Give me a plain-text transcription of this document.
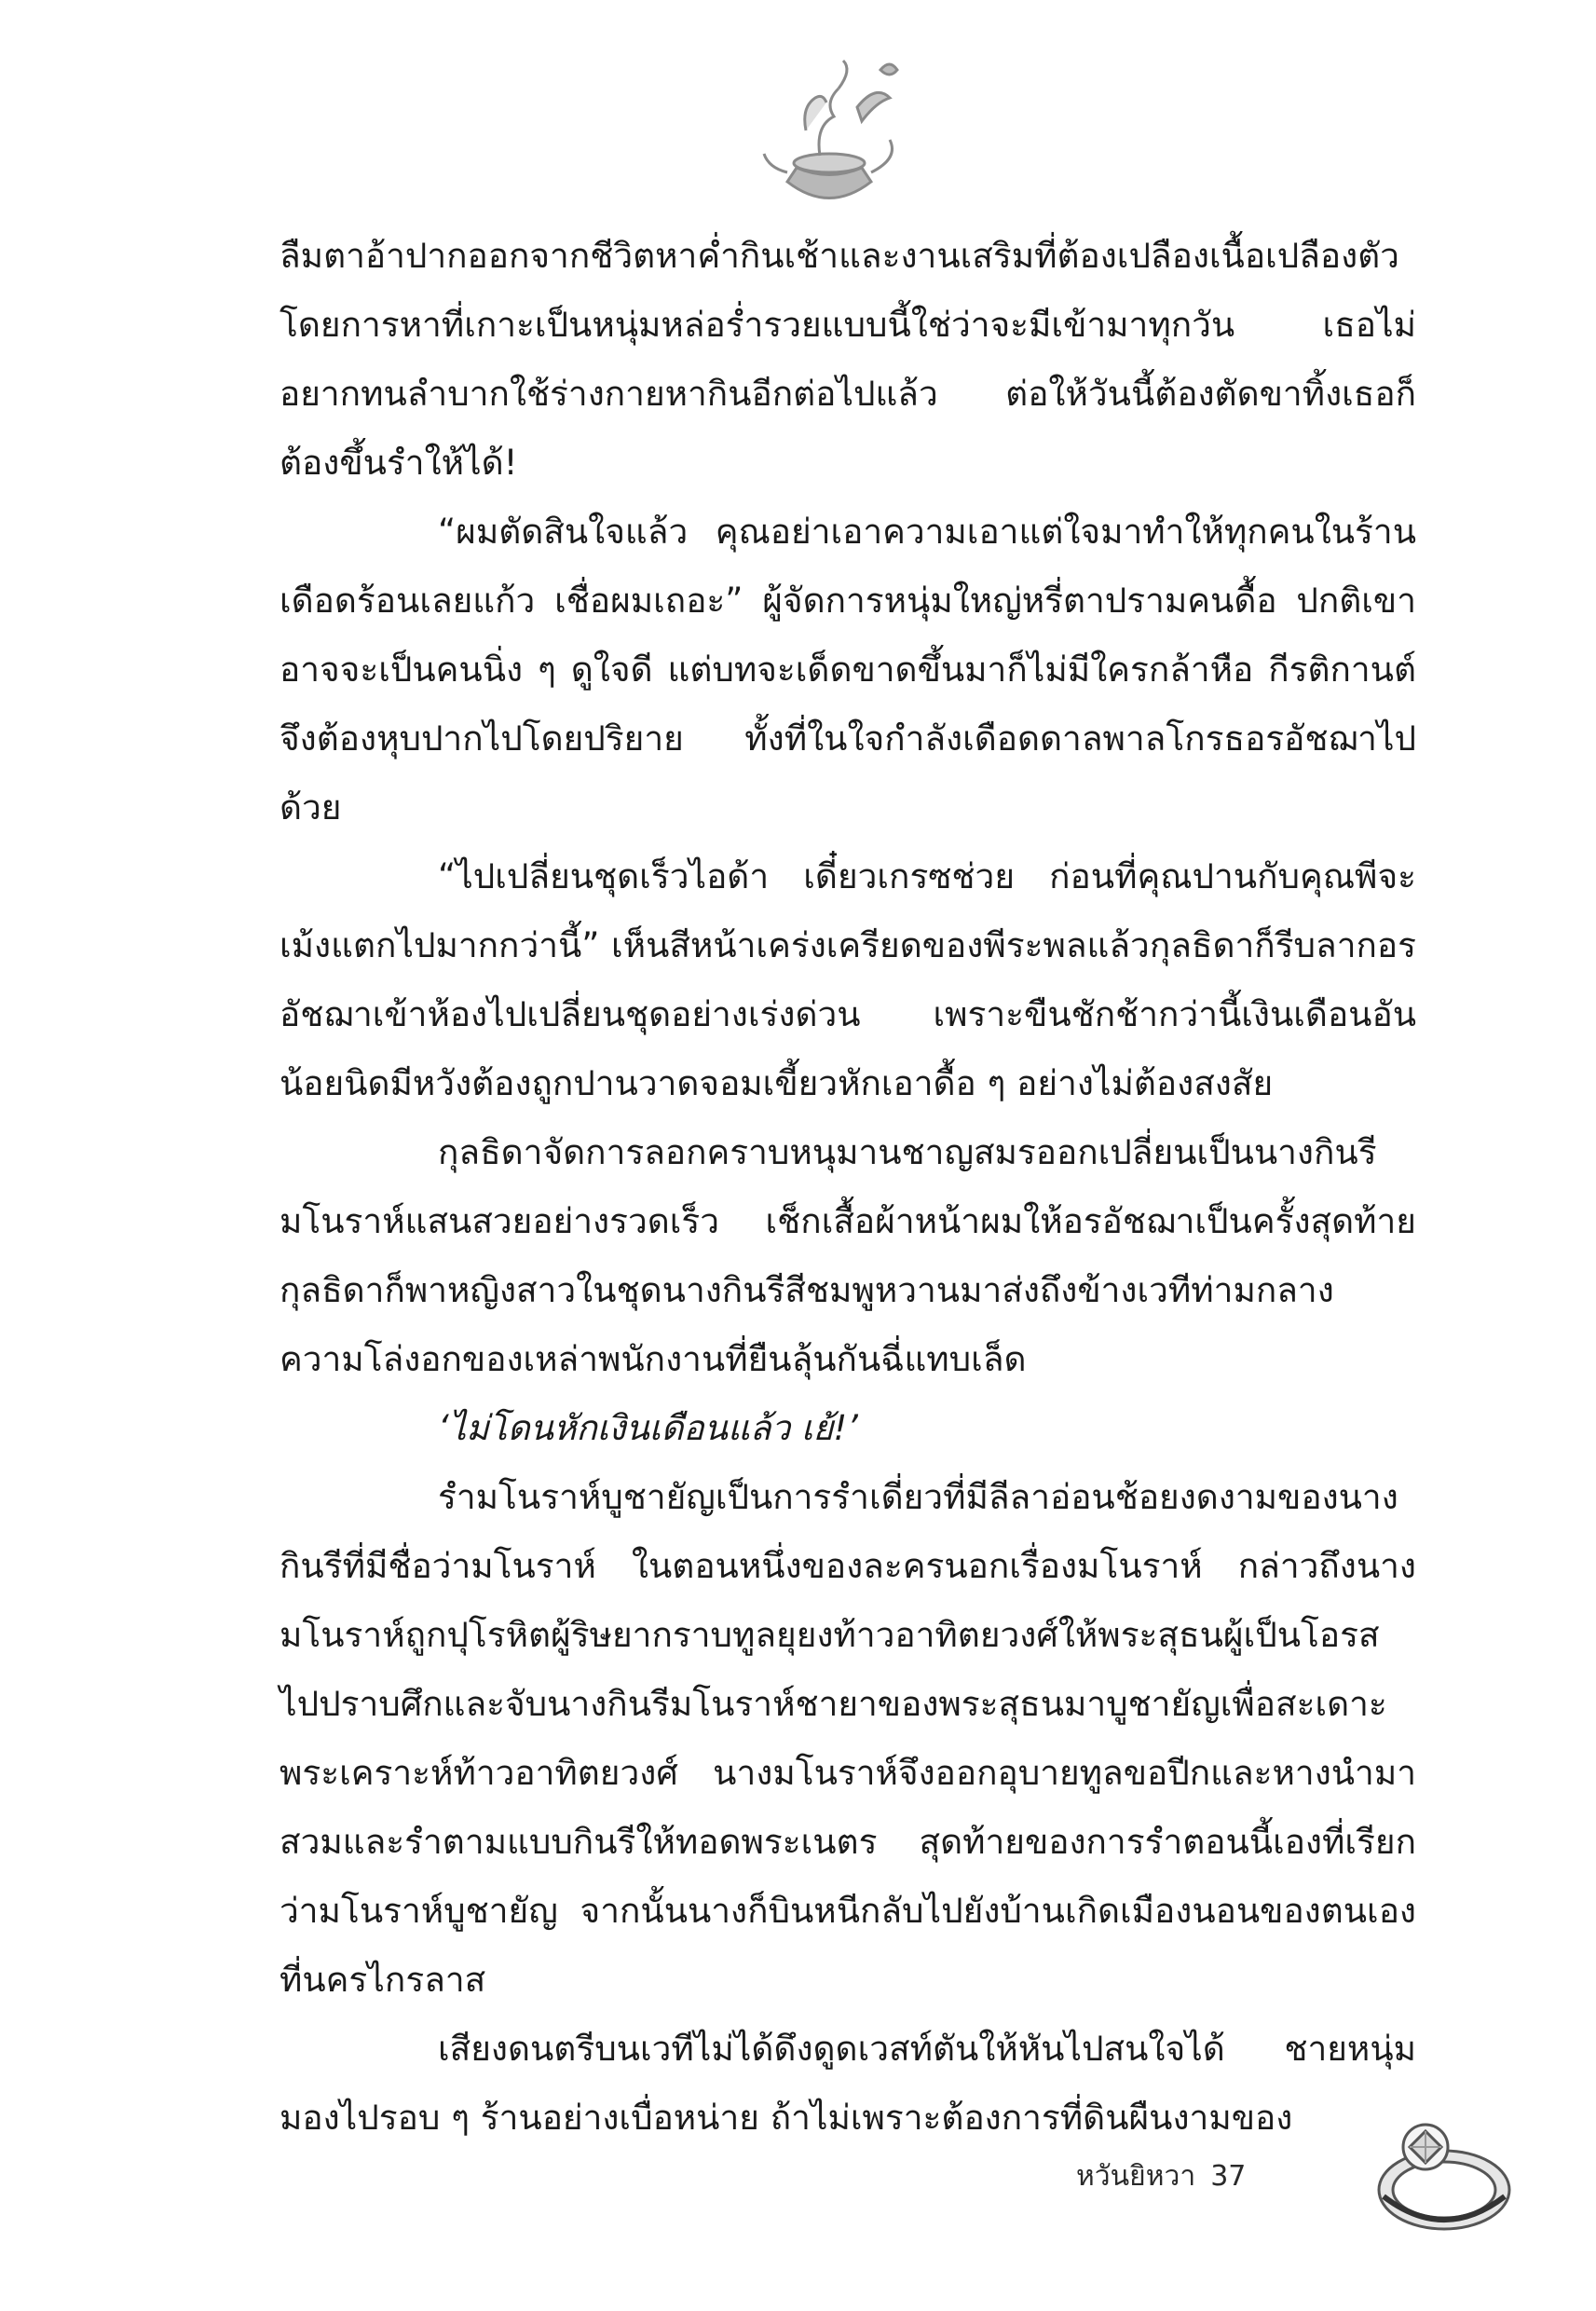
ลืมตาอ้าปากออกจากชีวิตหาค่ำกินเช้าและงานเสริมที่ต้องเปลืองเนื้อเปลืองตัว โดยการหาที่เกาะเป็นหนุ่มหล่อร่ำรวยแบบนี้ใช่ว่าจะมีเข้ามาทุกวัน เธอไม่อยากทนลำบากใช้ร่างกายหากินอีกต่อไปแล้ว ต่อให้วันนี้ต้องตัดขาทิ้งเธอก็ต้องขึ้นรำให้ได้!

“ผมตัดสินใจแล้ว คุณอย่าเอาความเอาแต่ใจมาทำให้ทุกคนในร้านเดือดร้อนเลยแก้ว เชื่อผมเถอะ” ผู้จัดการหนุ่มใหญ่หรี่ตาปรามคนดื้อ ปกติเขาอาจจะเป็นคนนิ่ง ๆ ดูใจดี แต่บทจะเด็ดขาดขึ้นมาก็ไม่มีใครกล้าหือ กีรติกานต์จึงต้องหุบปากไปโดยปริยาย ทั้งที่ในใจกำลังเดือดดาลพาลโกรธอรอัชฌาไปด้วย

“ไปเปลี่ยนชุดเร็วไอด้า เดี๋ยวเกรซช่วย ก่อนที่คุณปานกับคุณพีจะเม้งแตกไปมากกว่านี้” เห็นสีหน้าเคร่งเครียดของพีระพลแล้วกุลธิดาก็รีบลากอรอัชฌาเข้าห้องไปเปลี่ยนชุดอย่างเร่งด่วน เพราะขืนชักช้ากว่านี้เงินเดือนอันน้อยนิดมีหวังต้องถูกปานวาดจอมเขี้ยวหักเอาดื้อ ๆ อย่างไม่ต้องสงสัย

กุลธิดาจัดการลอกคราบหนุมานชาญสมรออกเปลี่ยนเป็นนางกินรีมโนราห์แสนสวยอย่างรวดเร็ว เช็กเสื้อผ้าหน้าผมให้อรอัชฌาเป็นครั้งสุดท้ายกุลธิดาก็พาหญิงสาวในชุดนางกินรีสีชมพูหวานมาส่งถึงข้างเวทีท่ามกลางความโล่งอกของเหล่าพนักงานที่ยืนลุ้นกันฉี่แทบเล็ด

‘ไม่โดนหักเงินเดือนแล้ว เย้!’

รำมโนราห์บูชายัญเป็นการรำเดี่ยวที่มีลีลาอ่อนช้อยงดงามของนางกินรีที่มีชื่อว่ามโนราห์ ในตอนหนึ่งของละครนอกเรื่องมโนราห์ กล่าวถึงนางมโนราห์ถูกปุโรหิตผู้ริษยากราบทูลยุยงท้าวอาทิตยวงศ์ให้พระสุธนผู้เป็นโอรสไปปราบศึกและจับนางกินรีมโนราห์ชายาของพระสุธนมาบูชายัญเพื่อสะเดาะพระเคราะห์ท้าวอาทิตยวงศ์ นางมโนราห์จึงออกอุบายทูลขอปีกและหางนำมาสวมและรำตามแบบกินรีให้ทอดพระเนตร สุดท้ายของการรำตอนนี้เองที่เรียกว่ามโนราห์บูชายัญ จากนั้นนางก็บินหนีกลับไปยังบ้านเกิดเมืองนอนของตนเองที่นครไกรลาส

เสียงดนตรีบนเวทีไม่ได้ดึงดูดเวสท์ตันให้หันไปสนใจได้ ชายหนุ่มมองไปรอบ ๆ ร้านอย่างเบื่อหน่าย ถ้าไม่เพราะต้องการที่ดินผืนงามของ

หวันยิหวา 37
